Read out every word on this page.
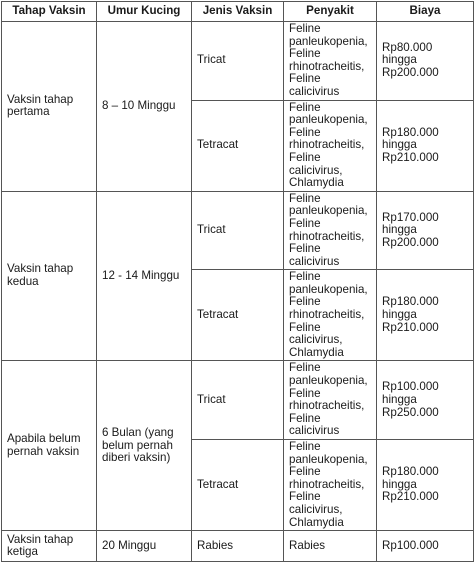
Tahap Vaksin	Umur Kucing	Jenis Vaksin	Penyakit	Biaya
Vaksin tahap pertama	8 – 10 Minggu	Tricat	Feline panleukopenia, Feline rhinotracheitis, Feline calicivirus	Rp80.000 hingga Rp200.000
		Tetracat	Feline panleukopenia, Feline rhinotracheitis, Feline calicivirus, Chlamydia	Rp180.000 hingga Rp210.000
Vaksin tahap kedua	12 - 14 Minggu	Tricat	Feline panleukopenia, Feline rhinotracheitis, Feline calicivirus	Rp170.000 hingga Rp200.000
		Tetracat	Feline panleukopenia, Feline rhinotracheitis, Feline calicivirus, Chlamydia	Rp180.000 hingga Rp210.000
Apabila belum pernah vaksin	6 Bulan (yang belum pernah diberi vaksin)	Tricat	Feline panleukopenia, Feline rhinotracheitis, Feline calicivirus	Rp100.000 hingga Rp250.000
		Tetracat	Feline panleukopenia, Feline rhinotracheitis, Feline calicivirus, Chlamydia	Rp180.000 hingga Rp210.000
Vaksin tahap ketiga	20 Minggu	Rabies	Rabies	Rp100.000
